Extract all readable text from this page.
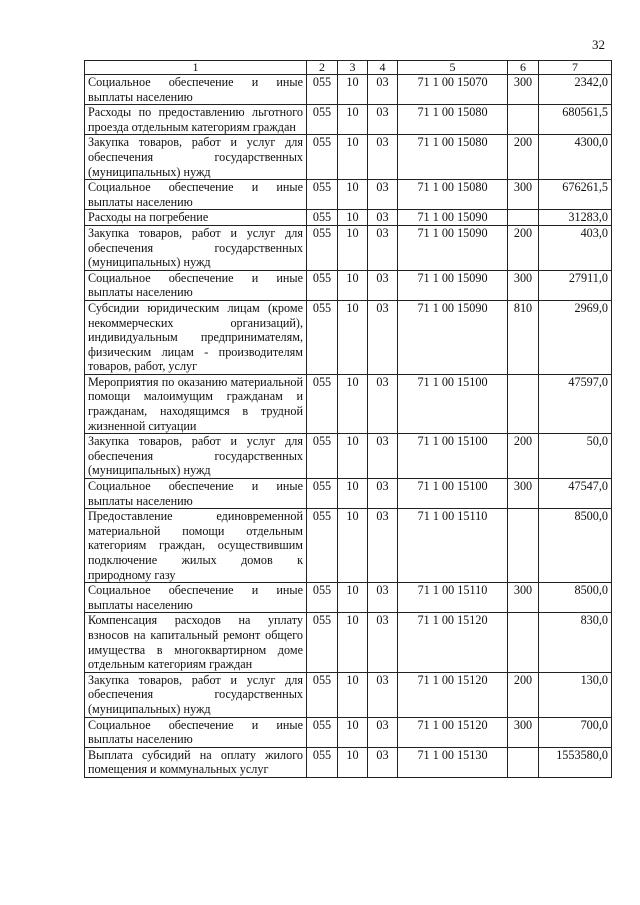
32
1	2	3	4	5	6	7
Социальное обеспечение и иные выплаты населению	055	10	03	71 1 00 15070	300	2342,0
Расходы по предоставлению льготного проезда отдельным категориям граждан	055	10	03	71 1 00 15080		680561,5
Закупка товаров, работ и услуг для обеспечения государственных (муниципальных) нужд	055	10	03	71 1 00 15080	200	4300,0
Социальное обеспечение и иные выплаты населению	055	10	03	71 1 00 15080	300	676261,5
Расходы на погребение	055	10	03	71 1 00 15090		31283,0
Закупка товаров, работ и услуг для обеспечения государственных (муниципальных) нужд	055	10	03	71 1 00 15090	200	403,0
Социальное обеспечение и иные выплаты населению	055	10	03	71 1 00 15090	300	27911,0
Субсидии юридическим лицам (кроме некоммерческих организаций), индивидуальным предпринимателям, физическим лицам - производителям товаров, работ, услуг	055	10	03	71 1 00 15090	810	2969,0
Мероприятия по оказанию материальной помощи малоимущим гражданам и гражданам, находящимся в трудной жизненной ситуации	055	10	03	71 1 00 15100		47597,0
Закупка товаров, работ и услуг для обеспечения государственных (муниципальных) нужд	055	10	03	71 1 00 15100	200	50,0
Социальное обеспечение и иные выплаты населению	055	10	03	71 1 00 15100	300	47547,0
Предоставление единовременной материальной помощи отдельным категориям граждан, осуществившим подключение жилых домов к природному газу	055	10	03	71 1 00 15110		8500,0
Социальное обеспечение и иные выплаты населению	055	10	03	71 1 00 15110	300	8500,0
Компенсация расходов на уплату взносов на капитальный ремонт общего имущества в многоквартирном доме отдельным категориям граждан	055	10	03	71 1 00 15120		830,0
Закупка товаров, работ и услуг для обеспечения государственных (муниципальных) нужд	055	10	03	71 1 00 15120	200	130,0
Социальное обеспечение и иные выплаты населению	055	10	03	71 1 00 15120	300	700,0
Выплата субсидий на оплату жилого помещения и коммунальных услуг	055	10	03	71 1 00 15130		1553580,0
